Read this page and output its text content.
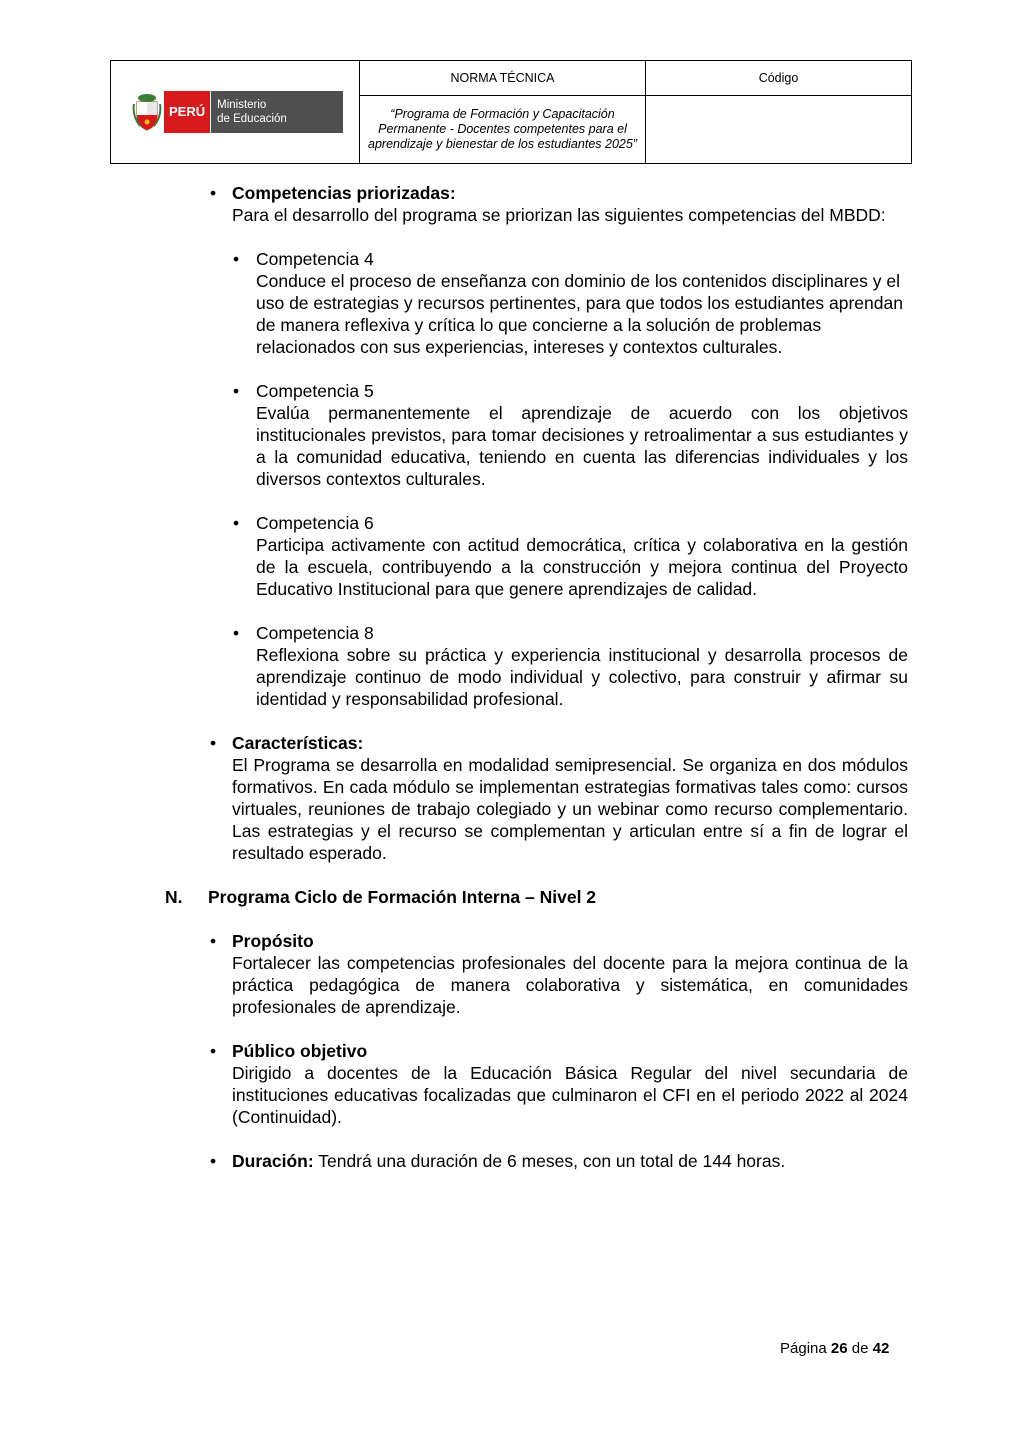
PERÚ Ministerio
de Educación	NORMA TÉCNICA	Código
	“Programa de Formación y Capacitación Permanente - Docentes competentes para el aprendizaje y bienestar de los estudiantes 2025”	
• Competencias priorizadas:
Para el desarrollo del programa se priorizan las siguientes competencias del MBDD:
• Competencia 4
Conduce el proceso de enseñanza con dominio de los contenidos disciplinares y el uso de estrategias y recursos pertinentes, para que todos los estudiantes aprendan de manera reflexiva y crítica lo que concierne a la solución de problemas relacionados con sus experiencias, intereses y contextos culturales.
• Competencia 5
Evalúa permanentemente el aprendizaje de acuerdo con los objetivos institucionales previstos, para tomar decisiones y retroalimentar a sus estudiantes y a la comunidad educativa, teniendo en cuenta las diferencias individuales y los diversos contextos culturales.
• Competencia 6
Participa activamente con actitud democrática, crítica y colaborativa en la gestión de la escuela, contribuyendo a la construcción y mejora continua del Proyecto Educativo Institucional para que genere aprendizajes de calidad.
• Competencia 8
Reflexiona sobre su práctica y experiencia institucional y desarrolla procesos de aprendizaje continuo de modo individual y colectivo, para construir y afirmar su identidad y responsabilidad profesional.
• Características:
El Programa se desarrolla en modalidad semipresencial. Se organiza en dos módulos formativos. En cada módulo se implementan estrategias formativas tales como: cursos virtuales, reuniones de trabajo colegiado y un webinar como recurso complementario. Las estrategias y el recurso se complementan y articulan entre sí a fin de lograr el resultado esperado.
N.	Programa Ciclo de Formación Interna – Nivel 2
• Propósito
Fortalecer las competencias profesionales del docente para la mejora continua de la práctica pedagógica de manera colaborativa y sistemática, en comunidades profesionales de aprendizaje.
• Público objetivo
Dirigido a docentes de la Educación Básica Regular del nivel secundaria de instituciones educativas focalizadas que culminaron el CFI en el periodo 2022 al 2024 (Continuidad).
• Duración: Tendrá una duración de 6 meses, con un total de 144 horas.
Página 26 de 42
